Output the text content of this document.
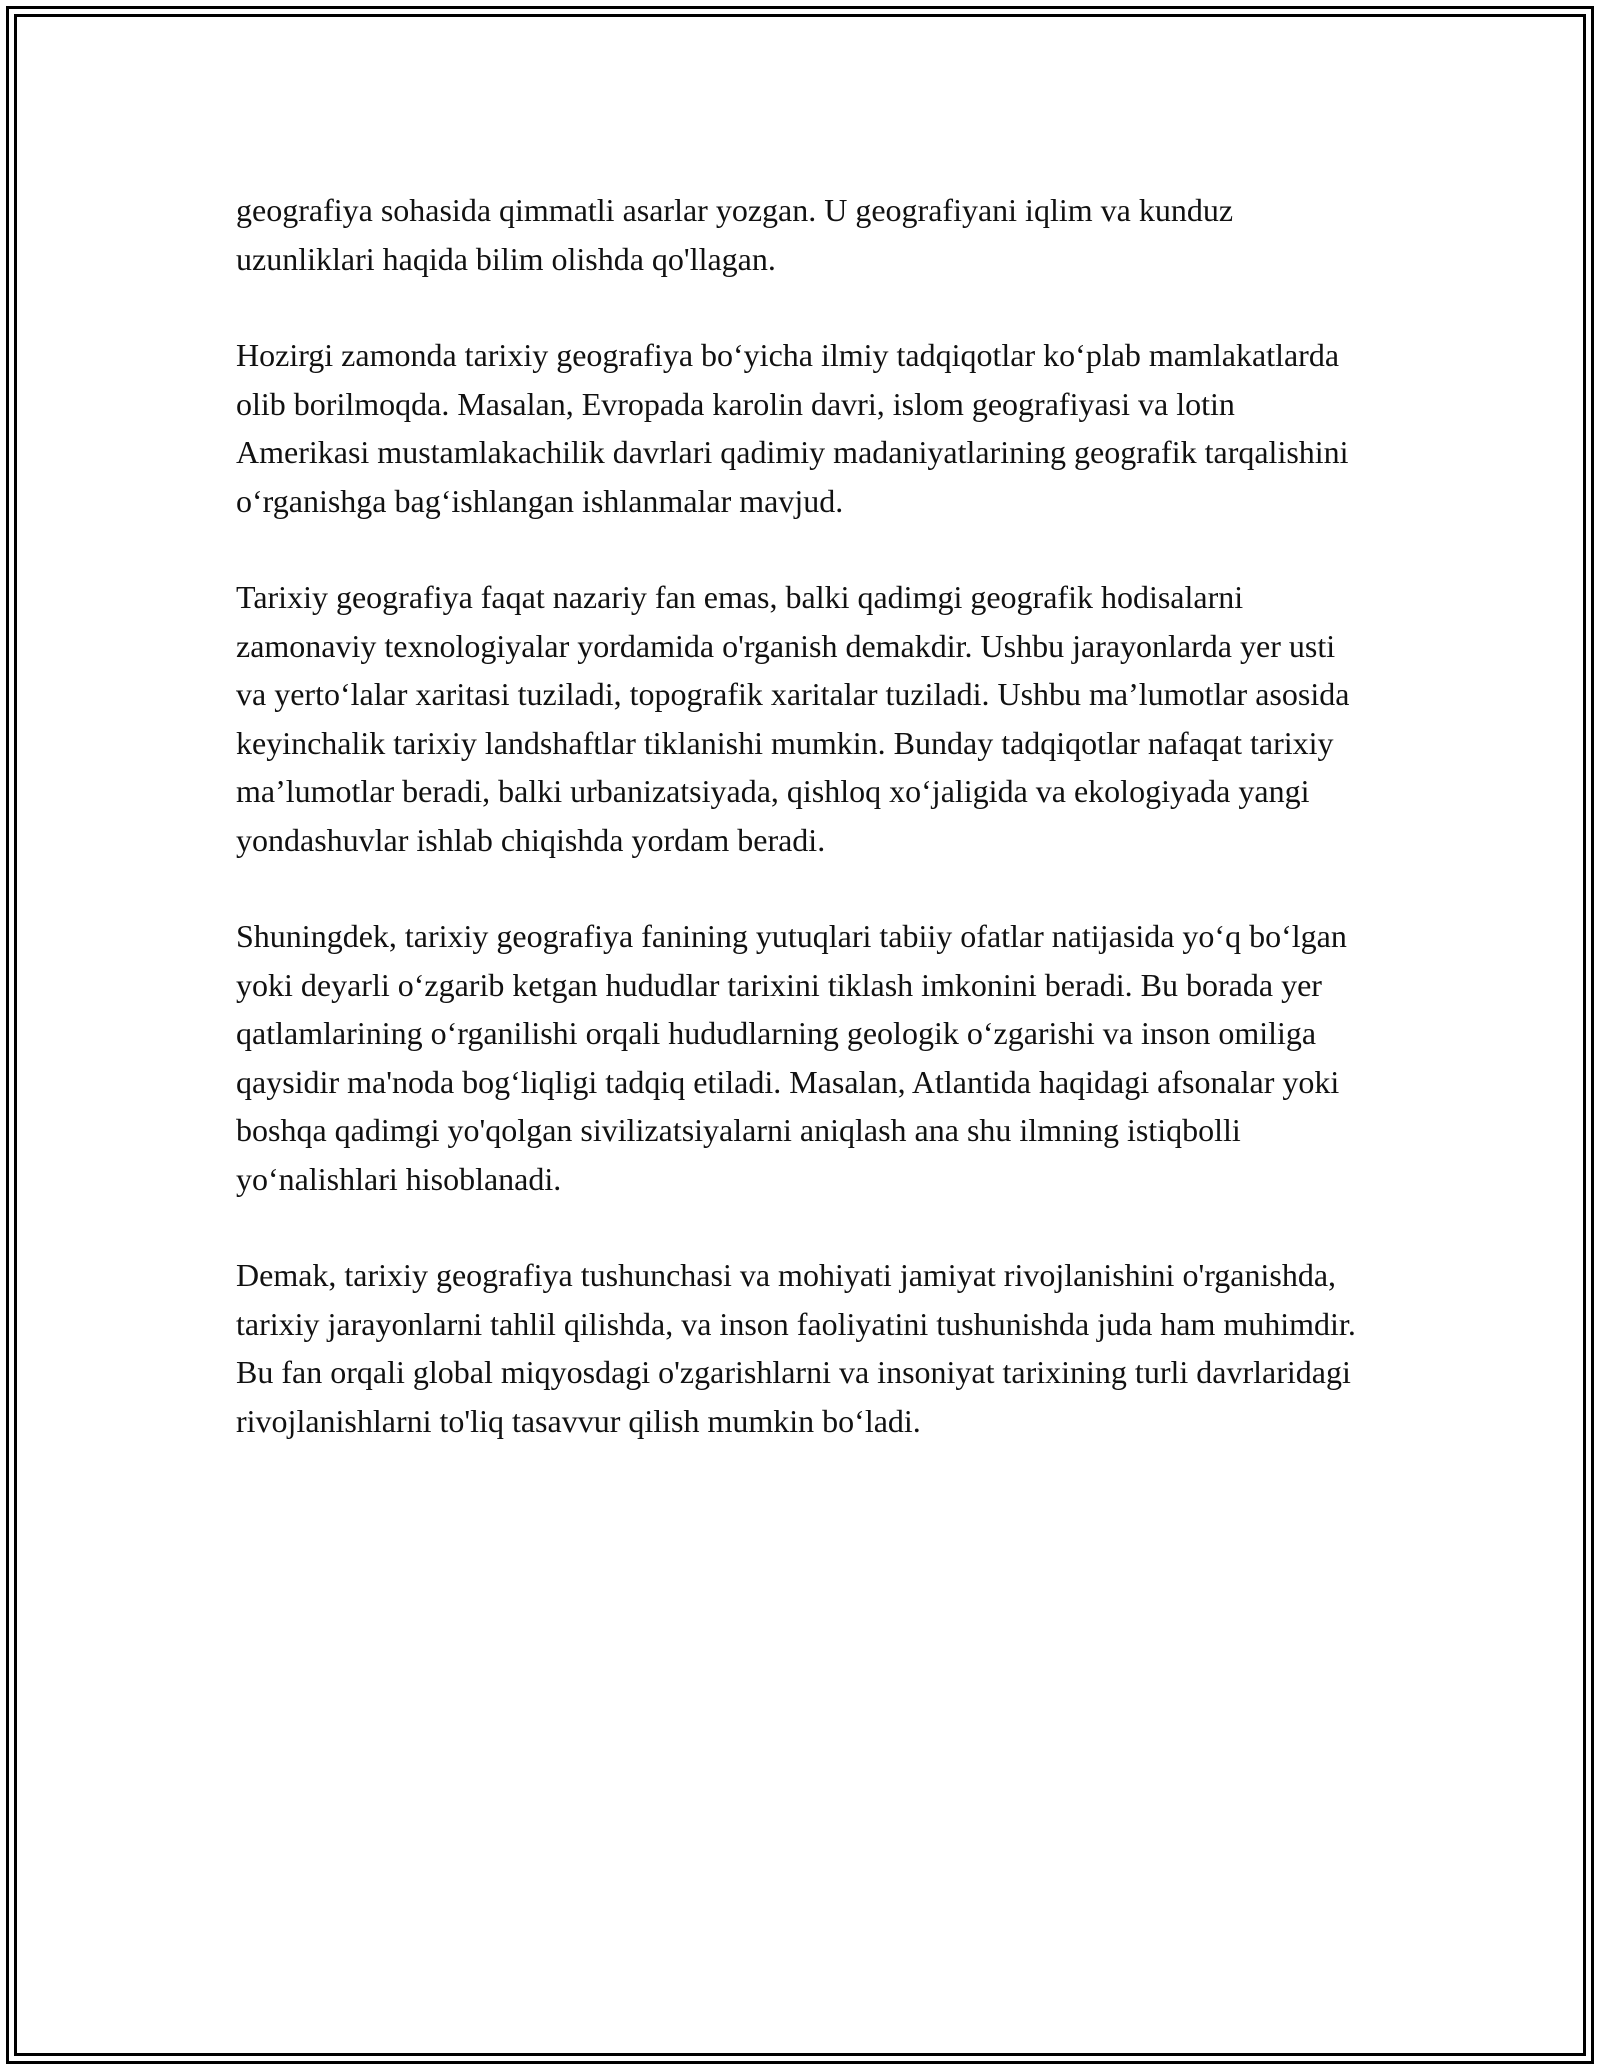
geografiya sohasida qimmatli asarlar yozgan. U geografiyani iqlim va kunduz uzunliklari haqida bilim olishda qo'llagan.

Hozirgi zamonda tarixiy geografiya bo‘yicha ilmiy tadqiqotlar ko‘plab mamlakatlarda olib borilmoqda. Masalan, Evropada karolin davri, islom geografiyasi va lotin Amerikasi mustamlakachilik davrlari qadimiy madaniyatlarining geografik tarqalishini o‘rganishga bag‘ishlangan ishlanmalar mavjud.

Tarixiy geografiya faqat nazariy fan emas, balki qadimgi geografik hodisalarni zamonaviy texnologiyalar yordamida o'rganish demakdir. Ushbu jarayonlarda yer usti va yerto‘lalar xaritasi tuziladi, topografik xaritalar tuziladi. Ushbu ma’lumotlar asosida keyinchalik tarixiy landshaftlar tiklanishi mumkin. Bunday tadqiqotlar nafaqat tarixiy ma’lumotlar beradi, balki urbanizatsiyada, qishloq xo‘jaligida va ekologiyada yangi yondashuvlar ishlab chiqishda yordam beradi.

Shuningdek, tarixiy geografiya fanining yutuqlari tabiiy ofatlar natijasida yo‘q bo‘lgan yoki deyarli o‘zgarib ketgan hududlar tarixini tiklash imkonini beradi. Bu borada yer qatlamlarining o‘rganilishi orqali hududlarning geologik o‘zgarishi va inson omiliga qaysidir ma'noda bog‘liqligi tadqiq etiladi. Masalan, Atlantida haqidagi afsonalar yoki boshqa qadimgi yo'qolgan sivilizatsiyalarni aniqlash ana shu ilmning istiqbolli yo‘nalishlari hisoblanadi.

Demak, tarixiy geografiya tushunchasi va mohiyati jamiyat rivojlanishini o'rganishda, tarixiy jarayonlarni tahlil qilishda, va inson faoliyatini tushunishda juda ham muhimdir. Bu fan orqali global miqyosdagi o'zgarishlarni va insoniyat tarixining turli davrlaridagi rivojlanishlarni to'liq tasavvur qilish mumkin bo‘ladi.
